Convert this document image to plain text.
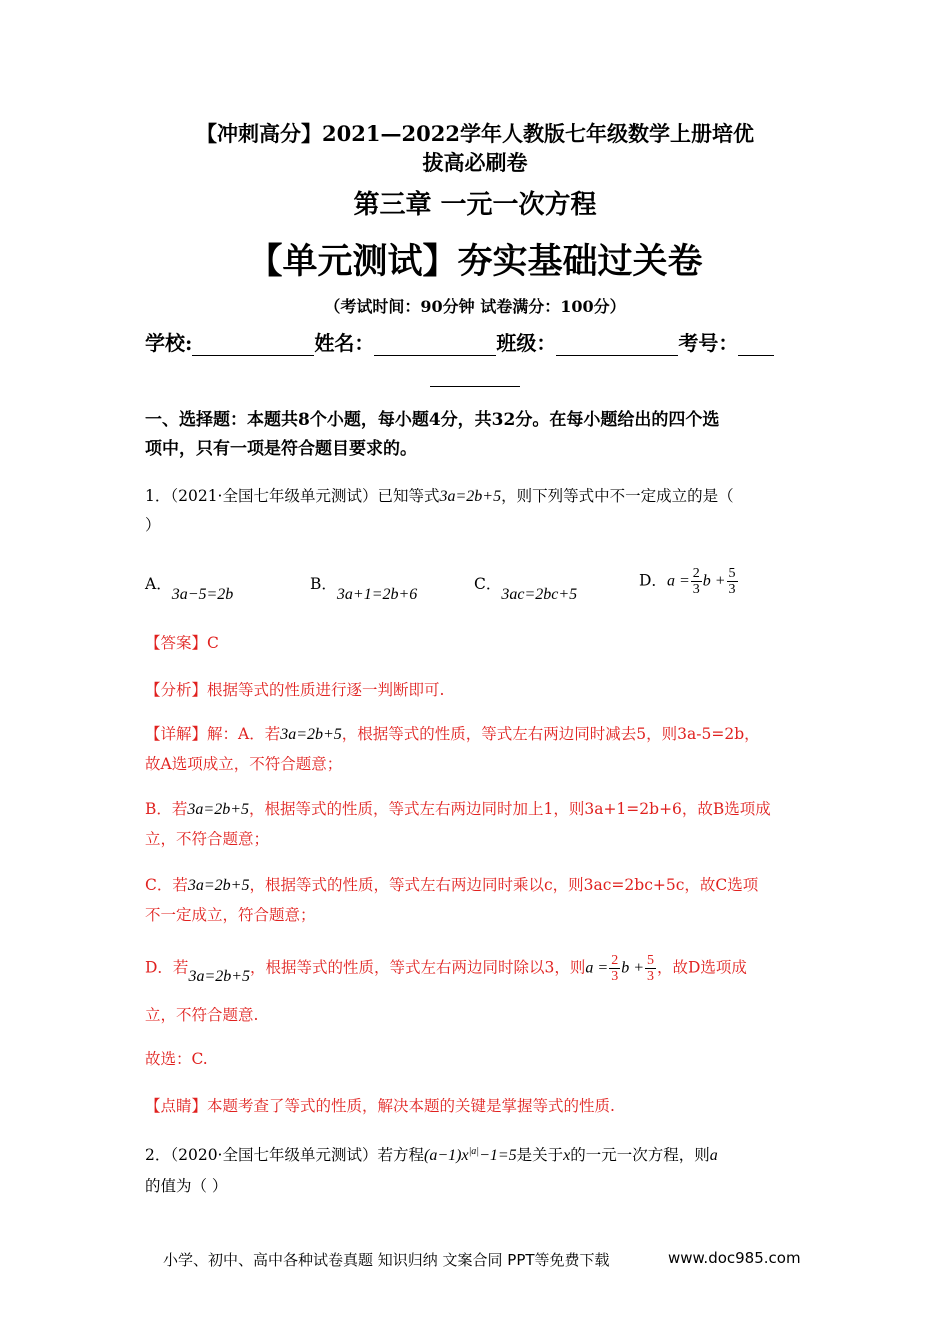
【冲刺高分】2021—2022学年人教版七年级数学上册培优
拔高必刷卷
第三章 一元一次方程
【单元测试】夯实基础过关卷
（考试时间：90分钟 试卷满分：100分）
学校:	姓名：	班级：	考号：
一、选择题：本题共8个小题，每小题4分，共32分。在每小题给出的四个选
项中，只有一项是符合题目要求的。
1．（2021·全国七年级单元测试）已知等式3a=2b+5，则下列等式中不一定成立的是（
）
A．3a−5=2b
B．3a+1=2b+6
C．3ac=2bc+5
D．$a = \frac{2}{3}$ $b + \frac{5}{3}$
【答案】C
【分析】根据等式的性质进行逐一判断即可.
【详解】解：A．若3a=2b+5，根据等式的性质，等式左右两边同时减去5，则3a-5=2b，
故A选项成立，不符合题意；
B．若3a=2b+5，根据等式的性质，等式左右两边同时加上1，则3a+1=2b+6，故B选项成
立，不符合题意；
C．若3a=2b+5，根据等式的性质，等式左右两边同时乘以c，则3ac=2bc+5c，故C选项
不一定成立，符合题意；
D．若3a=2b+5，根据等式的性质，等式左右两边同时除以3，则$a = \frac{2}{3}$ $b + \frac{5}{3}$ ，故D选项成
立，不符合题意.
故选：C.
【点睛】本题考查了等式的性质，解决本题的关键是掌握等式的性质.
2．（2020·全国七年级单元测试）若方程$(a-1)x^{|a|}-1=5$是关于x的一元一次方程，则a
的值为（ ）
小学、初中、高中各种试卷真题 知识归纳 文案合同 PPT等免费下载	www.doc985.com
